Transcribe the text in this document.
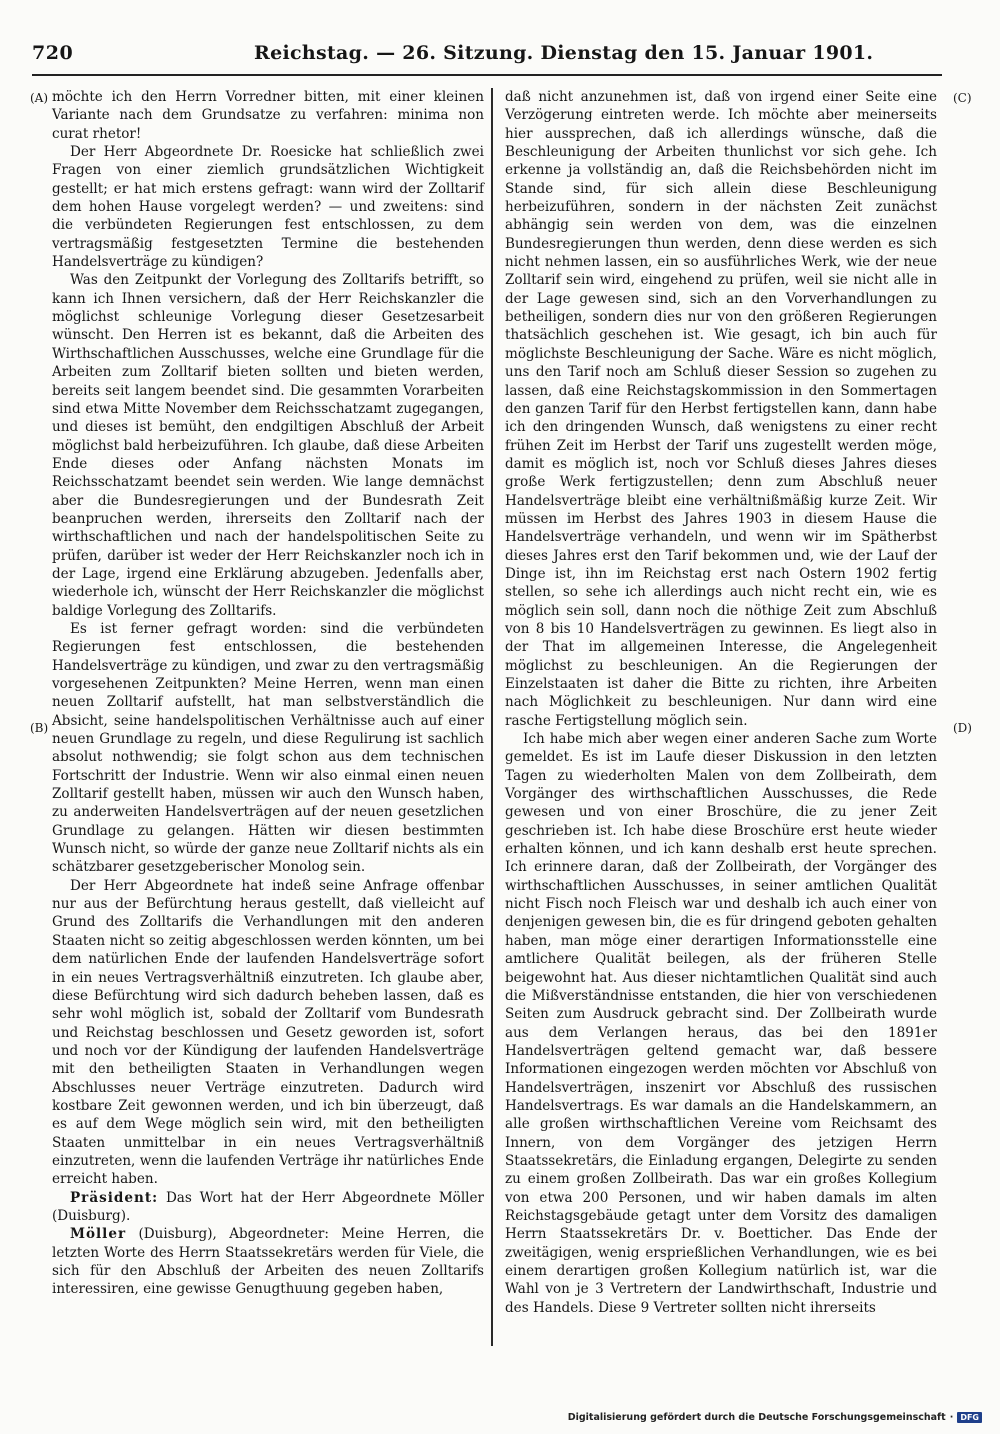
720	Reichstag. — 26. Sitzung. Dienstag den 15. Januar 1901.
(A)
(B)
(C)
(D)

möchte ich den Herrn Vorredner bitten, mit einer kleinen Variante nach dem Grundsatze zu verfahren: minima non curat rhetor!

Der Herr Abgeordnete Dr. Roesicke hat schließlich zwei Fragen von einer ziemlich grundsätzlichen Wichtigkeit gestellt; er hat mich erstens gefragt: wann wird der Zolltarif dem hohen Hause vorgelegt werden? — und zweitens: sind die verbündeten Regierungen fest entschlossen, zu dem vertragsmäßig festgesetzten Termine die bestehenden Handelsverträge zu kündigen?

Was den Zeitpunkt der Vorlegung des Zolltarifs betrifft, so kann ich Ihnen versichern, daß der Herr Reichskanzler die möglichst schleunige Vorlegung dieser Gesetzesarbeit wünscht. Den Herren ist es bekannt, daß die Arbeiten des Wirthschaftlichen Ausschusses, welche eine Grundlage für die Arbeiten zum Zolltarif bieten sollten und bieten werden, bereits seit langem beendet sind. Die gesammten Vorarbeiten sind etwa Mitte November dem Reichsschatzamt zugegangen, und dieses ist bemüht, den endgiltigen Abschluß der Arbeit möglichst bald herbeizuführen. Ich glaube, daß diese Arbeiten Ende dieses oder Anfang nächsten Monats im Reichsschatzamt beendet sein werden. Wie lange demnächst aber die Bundesregierungen und der Bundesrath Zeit beanpruchen werden, ihrerseits den Zolltarif nach der wirthschaftlichen und nach der handelspolitischen Seite zu prüfen, darüber ist weder der Herr Reichskanzler noch ich in der Lage, irgend eine Erklärung abzugeben. Jedenfalls aber, wiederhole ich, wünscht der Herr Reichskanzler die möglichst baldige Vorlegung des Zolltarifs.

Es ist ferner gefragt worden: sind die verbündeten Regierungen fest entschlossen, die bestehenden Handelsverträge zu kündigen, und zwar zu den vertragsmäßig vorgesehenen Zeitpunkten? Meine Herren, wenn man einen neuen Zolltarif aufstellt, hat man selbstverständlich die Absicht, seine handelspolitischen Verhältnisse auch auf einer neuen Grundlage zu regeln, und diese Regulirung ist sachlich absolut nothwendig; sie folgt schon aus dem technischen Fortschritt der Industrie. Wenn wir also einmal einen neuen Zolltarif gestellt haben, müssen wir auch den Wunsch haben, zu anderweiten Handelsverträgen auf der neuen gesetzlichen Grundlage zu gelangen. Hätten wir diesen bestimmten Wunsch nicht, so würde der ganze neue Zolltarif nichts als ein schätzbarer gesetzgeberischer Monolog sein.

Der Herr Abgeordnete hat indeß seine Anfrage offenbar nur aus der Befürchtung heraus gestellt, daß vielleicht auf Grund des Zolltarifs die Verhandlungen mit den anderen Staaten nicht so zeitig abgeschlossen werden könnten, um bei dem natürlichen Ende der laufenden Handelsverträge sofort in ein neues Vertragsverhältniß einzutreten. Ich glaube aber, diese Befürchtung wird sich dadurch beheben lassen, daß es sehr wohl möglich ist, sobald der Zolltarif vom Bundesrath und Reichstag beschlossen und Gesetz geworden ist, sofort und noch vor der Kündigung der laufenden Handelsverträge mit den betheiligten Staaten in Verhandlungen wegen Abschlusses neuer Verträge einzutreten. Dadurch wird kostbare Zeit gewonnen werden, und ich bin überzeugt, daß es auf dem Wege möglich sein wird, mit den betheiligten Staaten unmittelbar in ein neues Vertragsverhältniß einzutreten, wenn die laufenden Verträge ihr natürliches Ende erreicht haben.

Präsident: Das Wort hat der Herr Abgeordnete Möller (Duisburg).

Möller (Duisburg), Abgeordneter: Meine Herren, die letzten Worte des Herrn Staatssekretärs werden für Viele, die sich für den Abschluß der Arbeiten des neuen Zolltarifs interessiren, eine gewisse Genugthuung gegeben haben,

daß nicht anzunehmen ist, daß von irgend einer Seite eine Verzögerung eintreten werde. Ich möchte aber meinerseits hier aussprechen, daß ich allerdings wünsche, daß die Beschleunigung der Arbeiten thunlichst vor sich gehe. Ich erkenne ja vollständig an, daß die Reichsbehörden nicht im Stande sind, für sich allein diese Beschleunigung herbeizuführen, sondern in der nächsten Zeit zunächst abhängig sein werden von dem, was die einzelnen Bundesregierungen thun werden, denn diese werden es sich nicht nehmen lassen, ein so ausführliches Werk, wie der neue Zolltarif sein wird, eingehend zu prüfen, weil sie nicht alle in der Lage gewesen sind, sich an den Vorverhandlungen zu betheiligen, sondern dies nur von den größeren Regierungen thatsächlich geschehen ist. Wie gesagt, ich bin auch für möglichste Beschleunigung der Sache. Wäre es nicht möglich, uns den Tarif noch am Schluß dieser Session so zugehen zu lassen, daß eine Reichstagskommission in den Sommertagen den ganzen Tarif für den Herbst fertigstellen kann, dann habe ich den dringenden Wunsch, daß wenigstens zu einer recht frühen Zeit im Herbst der Tarif uns zugestellt werden möge, damit es möglich ist, noch vor Schluß dieses Jahres dieses große Werk fertigzustellen; denn zum Abschluß neuer Handelsverträge bleibt eine verhältnißmäßig kurze Zeit. Wir müssen im Herbst des Jahres 1903 in diesem Hause die Handelsverträge verhandeln, und wenn wir im Spätherbst dieses Jahres erst den Tarif bekommen und, wie der Lauf der Dinge ist, ihn im Reichstag erst nach Ostern 1902 fertig stellen, so sehe ich allerdings auch nicht recht ein, wie es möglich sein soll, dann noch die nöthige Zeit zum Abschluß von 8 bis 10 Handelsverträgen zu gewinnen. Es liegt also in der That im allgemeinen Interesse, die Angelegenheit möglichst zu beschleunigen. An die Regierungen der Einzelstaaten ist daher die Bitte zu richten, ihre Arbeiten nach Möglichkeit zu beschleunigen. Nur dann wird eine rasche Fertigstellung möglich sein.

Ich habe mich aber wegen einer anderen Sache zum Worte gemeldet. Es ist im Laufe dieser Diskussion in den letzten Tagen zu wiederholten Malen von dem Zollbeirath, dem Vorgänger des wirthschaftlichen Ausschusses, die Rede gewesen und von einer Broschüre, die zu jener Zeit geschrieben ist. Ich habe diese Broschüre erst heute wieder erhalten können, und ich kann deshalb erst heute sprechen. Ich erinnere daran, daß der Zollbeirath, der Vorgänger des wirthschaftlichen Ausschusses, in seiner amtlichen Qualität nicht Fisch noch Fleisch war und deshalb ich auch einer von denjenigen gewesen bin, die es für dringend geboten gehalten haben, man möge einer derartigen Informationsstelle eine amtlichere Qualität beilegen, als der früheren Stelle beigewohnt hat. Aus dieser nichtamtlichen Qualität sind auch die Mißverständnisse entstanden, die hier von verschiedenen Seiten zum Ausdruck gebracht sind. Der Zollbeirath wurde aus dem Verlangen heraus, das bei den 1891er Handelsverträgen geltend gemacht war, daß bessere Informationen eingezogen werden möchten vor Abschluß von Handelsverträgen, inszenirt vor Abschluß des russischen Handelsvertrags. Es war damals an die Handelskammern, an alle großen wirthschaftlichen Vereine vom Reichsamt des Innern, von dem Vorgänger des jetzigen Herrn Staatssekretärs, die Einladung ergangen, Delegirte zu senden zu einem großen Zollbeirath. Das war ein großes Kollegium von etwa 200 Personen, und wir haben damals im alten Reichstagsgebäude getagt unter dem Vorsitz des damaligen Herrn Staatssekretärs Dr. v. Boetticher. Das Ende der zweitägigen, wenig ersprießlichen Verhandlungen, wie es bei einem derartigen großen Kollegium natürlich ist, war die Wahl von je 3 Vertretern der Landwirthschaft, Industrie und des Handels. Diese 9 Vertreter sollten nicht ihrerseits

Digitalisierung gefördert durch die Deutsche Forschungsgemeinschaft · DFG
